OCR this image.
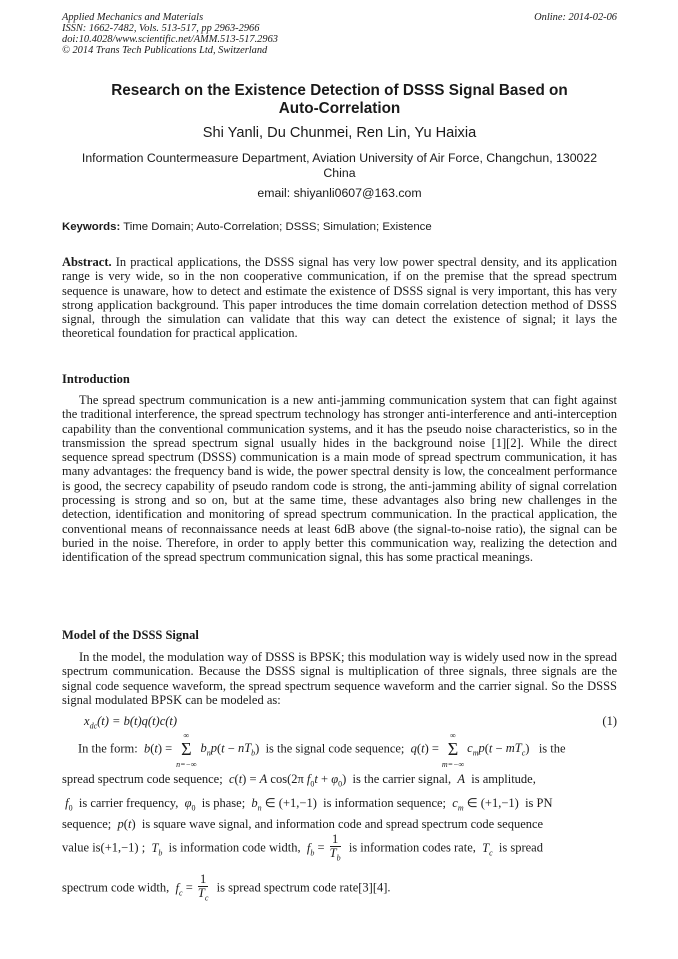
Applied Mechanics and Materials
ISSN: 1662-7482, Vols. 513-517, pp 2963-2966
doi:10.4028/www.scientific.net/AMM.513-517.2963
© 2014 Trans Tech Publications Ltd, Switzerland
Online: 2014-02-06
Research on the Existence Detection of DSSS Signal Based on
Auto-Correlation
Shi Yanli, Du Chunmei, Ren Lin, Yu Haixia
Information Countermeasure Department, Aviation University of Air Force, Changchun, 130022
China
email: shiyanli0607@163.com
Keywords: Time Domain; Auto-Correlation; DSSS; Simulation; Existence
Abstract. In practical applications, the DSSS signal has very low power spectral density, and its application range is very wide, so in the non cooperative communication, if on the premise that the spread spectrum sequence is unaware, how to detect and estimate the existence of DSSS signal is very important, this has very strong application background. This paper introduces the time domain correlation detection method of DSSS signal, through the simulation can validate that this way can detect the existence of signal; it lays the theoretical foundation for practical application.
Introduction
The spread spectrum communication is a new anti-jamming communication system that can fight against the traditional interference, the spread spectrum technology has stronger anti-interference and anti-interception capability than the conventional communication systems, and it has the pseudo noise characteristics, so in the transmission the spread spectrum signal usually hides in the background noise [1][2]. While the direct sequence spread spectrum (DSSS) communication is a main mode of spread spectrum communication, it has many advantages: the frequency band is wide, the power spectral density is low, the concealment performance is good, the secrecy capability of pseudo random code is strong, the anti-jamming ability of signal correlation processing is strong and so on, but at the same time, these advantages also bring new challenges in the detection, identification and monitoring of spread spectrum communication. In the practical application, the conventional means of reconnaissance needs at least 6dB above (the signal-to-noise ratio), the signal can be buried in the noise. Therefore, in order to apply better this communication way, realizing the detection and identification of the spread spectrum communication signal, this has some practical meanings.
Model of the DSSS Signal
In the model, the modulation way of DSSS is BPSK; this modulation way is widely used now in the spread spectrum communication. Because the DSSS signal is multiplication of three signals, three signals are the signal code sequence waveform, the spread spectrum sequence waveform and the carrier signal. So the DSSS signal modulated BPSK can be modeled as:
$x_{dc}(t) = b(t)q(t)c(t)$	(1)
In the form: b(t) =
∞
Σ
n=−∞
$b_np(t - nT_b)$  is the signal code sequence; q(t) =
∞
Σ
m=−∞
$c_mp(t - mT_c)$   is the
spread spectrum code sequence; c(t) = A cos(2π $f_0t + \varphi_0$)  is the carrier signal, A is amplitude,
$f_0$ is carrier frequency, $\varphi_0$ is phase; $b_n$ ∈ (+1,−1)  is information sequence; $c_m$ ∈ (+1,−1)  is PN
sequence; p(t)  is square wave signal, and information code and spread spectrum code sequence
value is(+1,−1) ;  $T_b$ is information code width, $f_b = \frac{1}{T_b}$ is information codes rate, $T_c$ is spread
spectrum code width, $f_c = \frac{1}{T_c}$ is spread spectrum code rate[3][4].
